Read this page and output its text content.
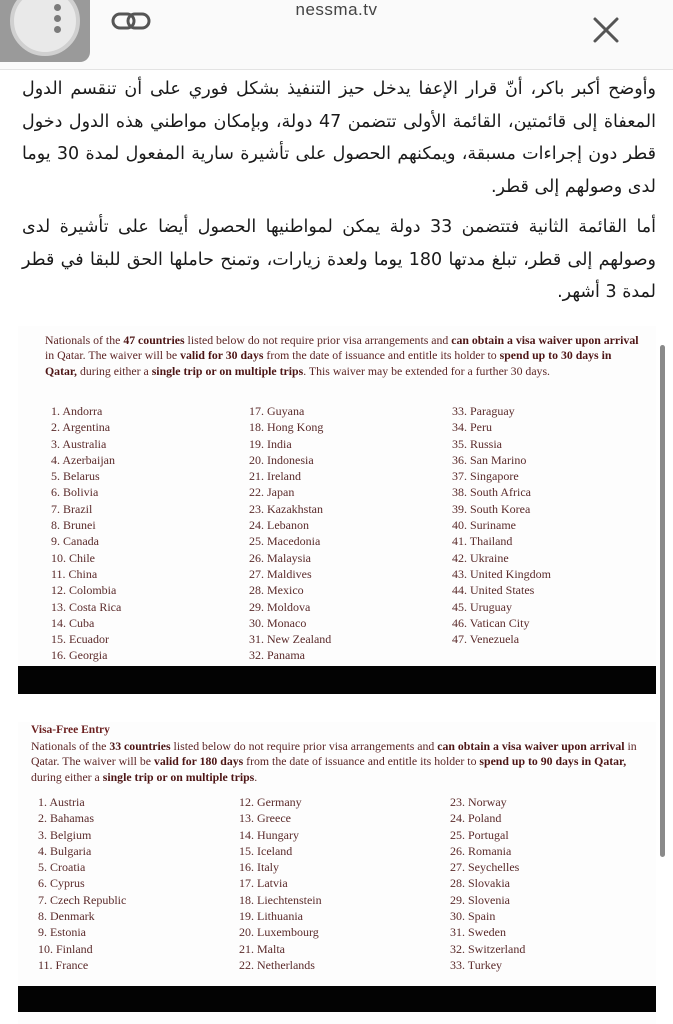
nessma.tv

وأوضح أكبر باكر، أنّ قرار الإعفا يدخل حيز التنفيذ بشكل فوري على أن تنقسم الدول المعفاة إلى قائمتين، القائمة الأولى تتضمن 47 دولة، وبإمكان مواطني هذه الدول دخول قطر دون إجراءات مسبقة، ويمكنهم الحصول على تأشيرة سارية المفعول لمدة 30 يوما لدى وصولهم إلى قطر.

أما القائمة الثانية فتتضمن 33 دولة يمكن لمواطنيها الحصول أيضا على تأشيرة لدى وصولهم إلى قطر، تبلغ مدتها 180 يوما ولعدة زيارات، وتمنح حاملها الحق للبقا في قطر لمدة 3 أشهر.

Nationals of the 47 countries listed below do not require prior visa arrangements and can obtain a visa waiver upon arrival in Qatar. The waiver will be valid for 30 days from the date of issuance and entitle its holder to spend up to 30 days in Qatar, during either a single trip or on multiple trips. This waiver may be extended for a further 30 days.

1. Andorra
2. Argentina
3. Australia
4. Azerbaijan
5. Belarus
6. Bolivia
7. Brazil
8. Brunei
9. Canada
10. Chile
11. China
12. Colombia
13. Costa Rica
14. Cuba
15. Ecuador
16. Georgia
17. Guyana
18. Hong Kong
19. India
20. Indonesia
21. Ireland
22. Japan
23. Kazakhstan
24. Lebanon
25. Macedonia
26. Malaysia
27. Maldives
28. Mexico
29. Moldova
30. Monaco
31. New Zealand
32. Panama
33. Paraguay
34. Peru
35. Russia
36. San Marino
37. Singapore
38. South Africa
39. South Korea
40. Suriname
41. Thailand
42. Ukraine
43. United Kingdom
44. United States
45. Uruguay
46. Vatican City
47. Venezuela
Visa-Free Entry

Nationals of the 33 countries listed below do not require prior visa arrangements and can obtain a visa waiver upon arrival in Qatar. The waiver will be valid for 180 days from the date of issuance and entitle its holder to spend up to 90 days in Qatar, during either a single trip or on multiple trips.

1. Austria
2. Bahamas
3. Belgium
4. Bulgaria
5. Croatia
6. Cyprus
7. Czech Republic
8. Denmark
9. Estonia
10. Finland
11. France
12. Germany
13. Greece
14. Hungary
15. Iceland
16. Italy
17. Latvia
18. Liechtenstein
19. Lithuania
20. Luxembourg
21. Malta
22. Netherlands
23. Norway
24. Poland
25. Portugal
26. Romania
27. Seychelles
28. Slovakia
29. Slovenia
30. Spain
31. Sweden
32. Switzerland
33. Turkey
